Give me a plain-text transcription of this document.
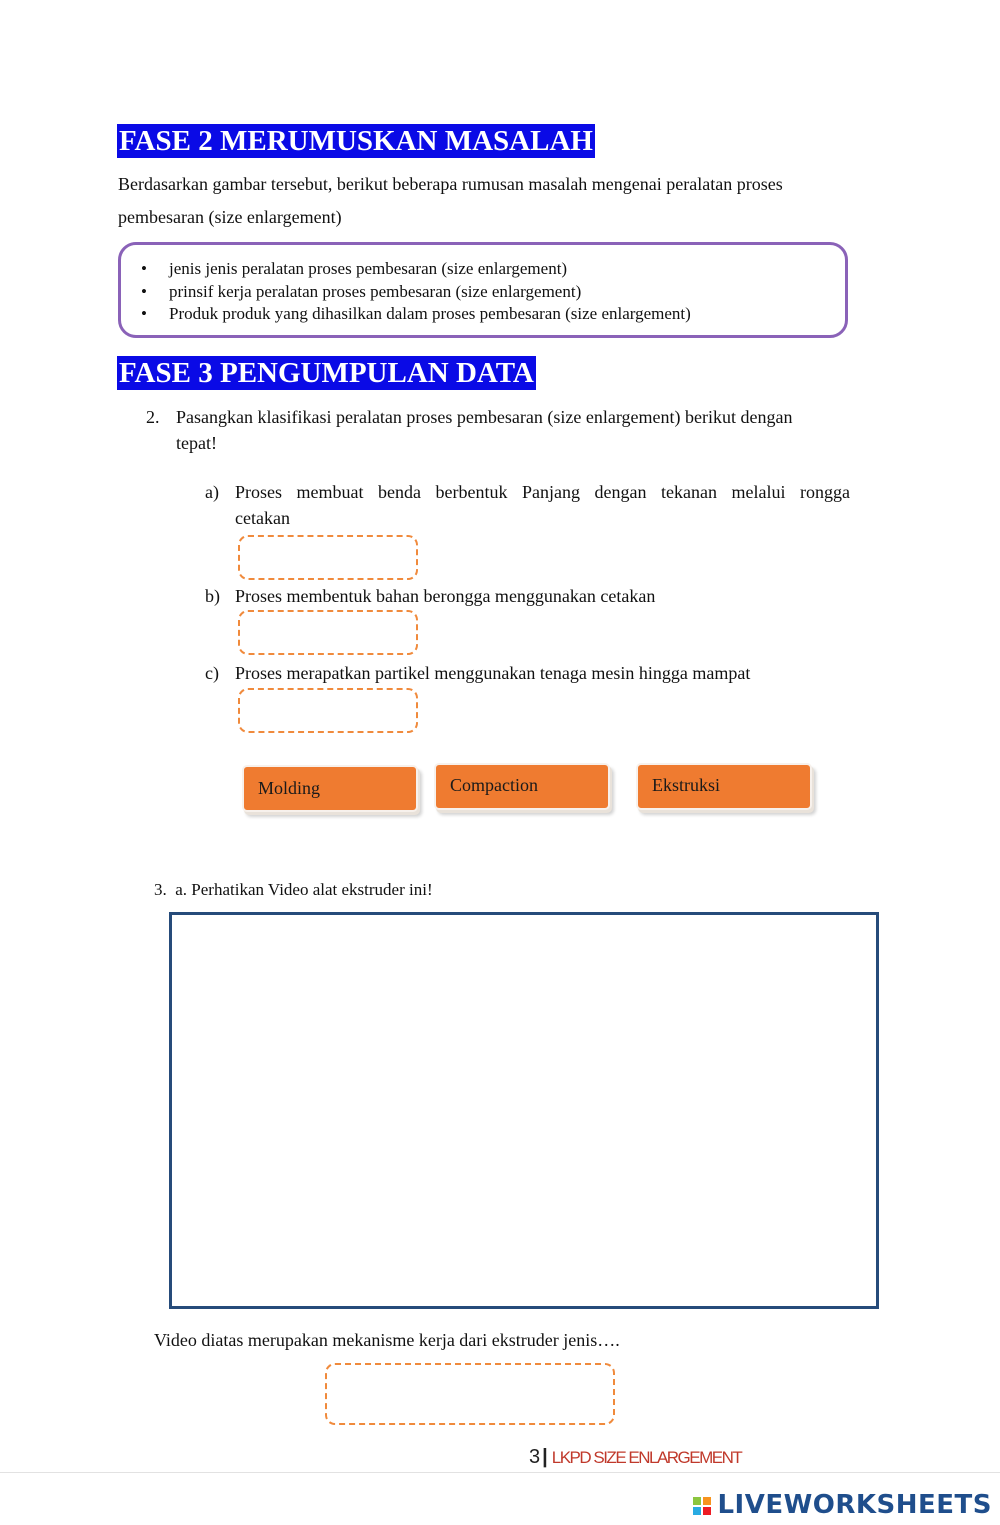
FASE 2 MERUMUSKAN MASALAH
Berdasarkan gambar tersebut, berikut beberapa rumusan masalah mengenai peralatan proses
pembesaran (size enlargement)
• jenis jenis peralatan proses pembesaran (size enlargement)
• prinsif kerja peralatan proses pembesaran (size enlargement)
• Produk produk yang dihasilkan dalam proses pembesaran (size enlargement)
FASE 3 PENGUMPULAN DATA
2. Pasangkan klasifikasi peralatan proses pembesaran (size enlargement) berikut dengan
tepat!
a) Proses membuat benda berbentuk Panjang dengan tekanan melalui rongga
cetakan
b) Proses membentuk bahan berongga menggunakan cetakan
c) Proses merapatkan partikel menggunakan tenaga mesin hingga mampat
Molding	Compaction	Ekstruksi
3.  a. Perhatikan Video alat ekstruder ini!
Video diatas merupakan mekanisme kerja dari ekstruder jenis….
3 | LKPD SIZE ENLARGEMENT

LIVEWORKSHEETS
